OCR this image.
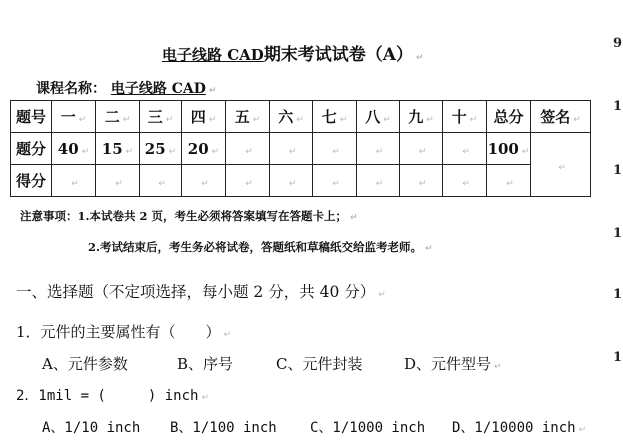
电子线路 CAD期末考试试卷（A） ↵
课程名称： 电子线路 CAD ↵
题号	一 ↵	二 ↵	三 ↵	四 ↵	五 ↵	六 ↵	七 ↵	八 ↵	九 ↵	十 ↵	总分	签名 ↵
题分	40 ↵	15 ↵	25 ↵	20 ↵	↵	↵	↵	↵	↵	↵	100 ↵	↵
得分	↵	↵	↵	↵	↵	↵	↵	↵	↵	↵	↵	
注意事项：1.本试卷共 2 页，考生必须将答案填写在答题卡上； ↵
2.考试结束后，考生务必将试卷，答题纸和草稿纸交给监考老师。 ↵
一、选择题（不定项选择，每小题 2 分，共 40 分） ↵
1．元件的主要属性有（　　） ↵
A、元件参数	B、序号	C、元件封装	D、元件型号 ↵
2．1mil = (　　　) inch ↵
A、1/10 inch B、1/100 inch C、1/1000 inch D、1/10000 inch ↵
9
1
1
1
1
1
